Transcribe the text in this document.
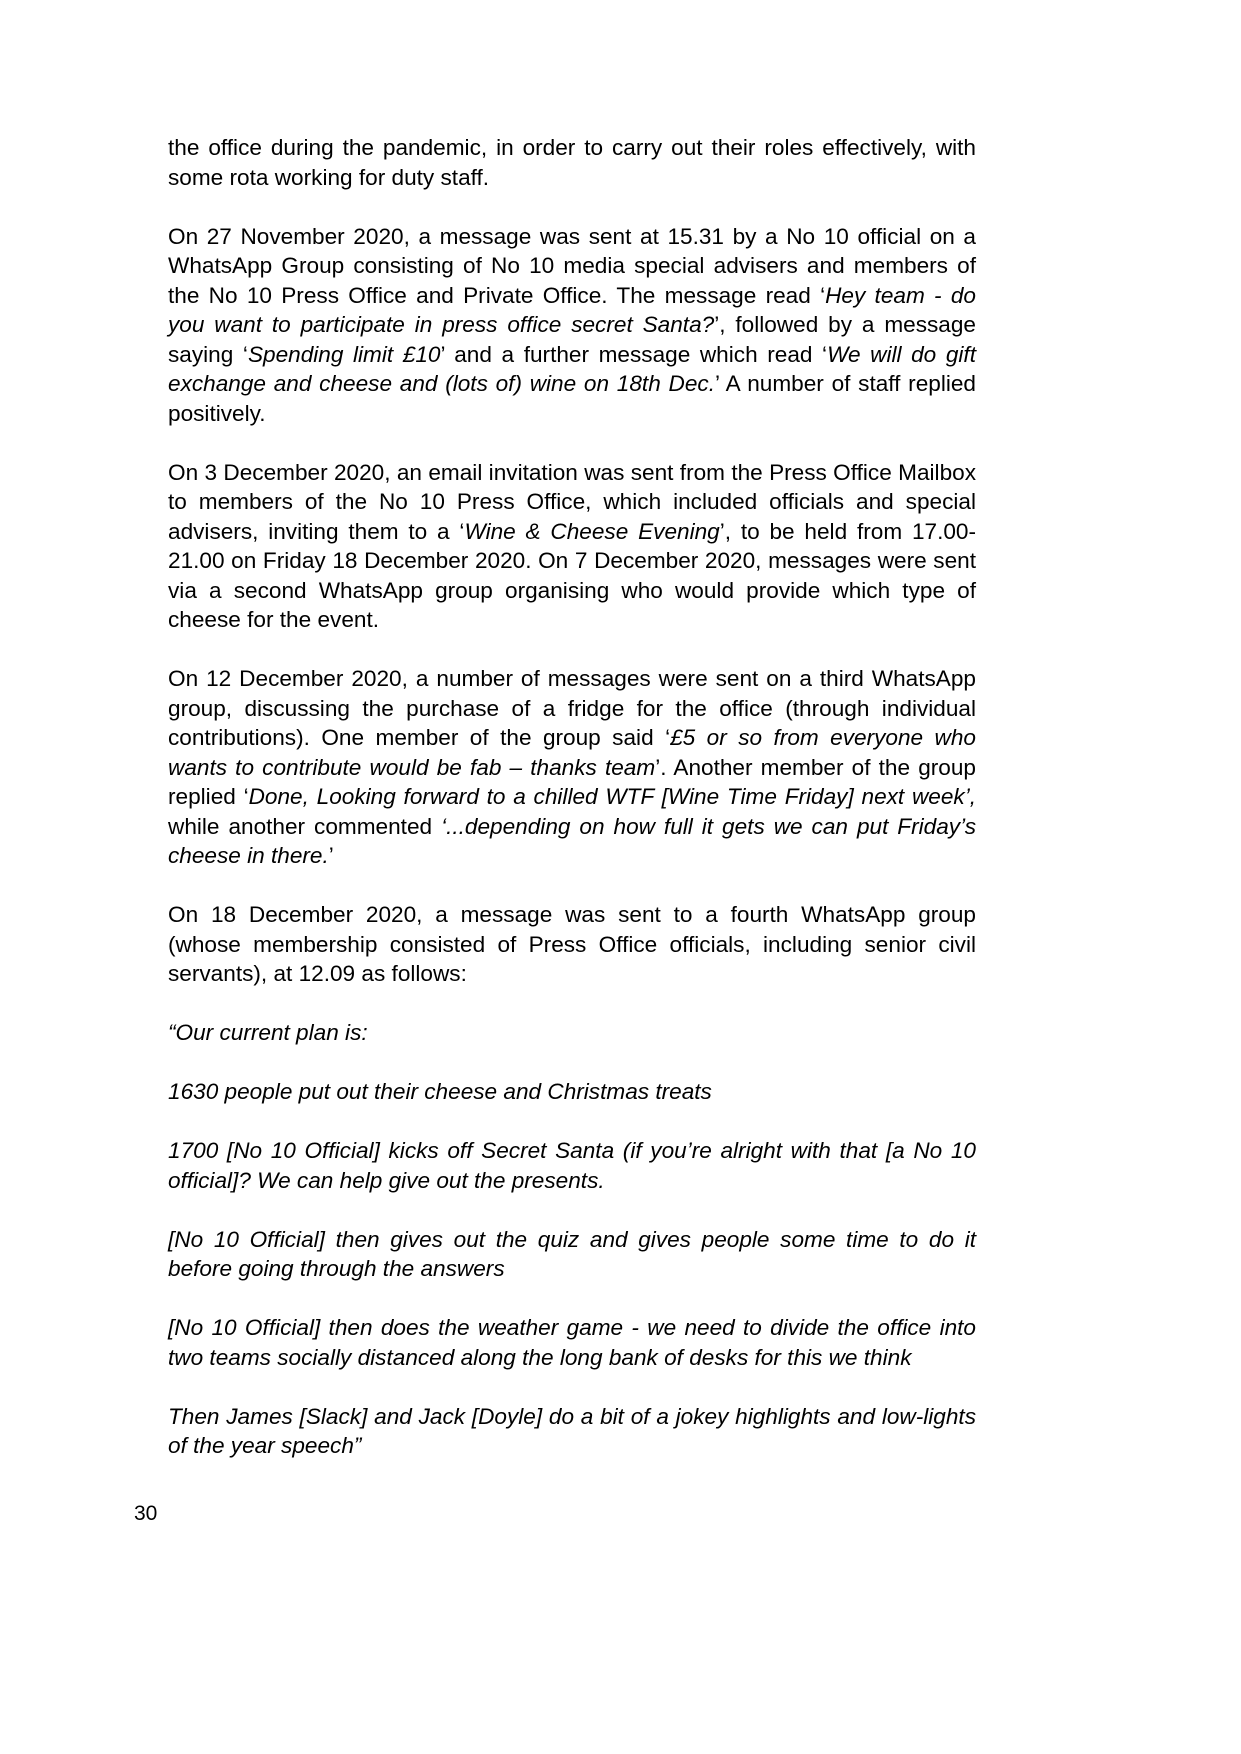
the office during the pandemic, in order to carry out their roles effectively, with some rota working for duty staff.

On 27 November 2020, a message was sent at 15.31 by a No 10 official on a WhatsApp Group consisting of No 10 media special advisers and members of the No 10 Press Office and Private Office. The message read ‘Hey team - do you want to participate in press office secret Santa?’, followed by a message saying ‘Spending limit £10’ and a further message which read ‘We will do gift exchange and cheese and (lots of) wine on 18th Dec.’ A number of staff replied positively.

On 3 December 2020, an email invitation was sent from the Press Office Mailbox to members of the No 10 Press Office, which included officials and special advisers, inviting them to a ‘Wine & Cheese Evening’, to be held from 17.00-21.00 on Friday 18 December 2020. On 7 December 2020, messages were sent via a second WhatsApp group organising who would provide which type of cheese for the event.

On 12 December 2020, a number of messages were sent on a third WhatsApp group, discussing the purchase of a fridge for the office (through individual contributions). One member of the group said ‘£5 or so from everyone who wants to contribute would be fab – thanks team’. Another member of the group replied ‘Done, Looking forward to a chilled WTF [Wine Time Friday] next week’, while another commented ‘...depending on how full it gets we can put Friday’s cheese in there.’

On 18 December 2020, a message was sent to a fourth WhatsApp group (whose membership consisted of Press Office officials, including senior civil servants), at 12.09 as follows:

“Our current plan is:

1630 people put out their cheese and Christmas treats

1700 [No 10 Official] kicks off Secret Santa (if you’re alright with that [a No 10 official]? We can help give out the presents.

[No 10 Official] then gives out the quiz and gives people some time to do it before going through the answers

[No 10 Official] then does the weather game - we need to divide the office into two teams socially distanced along the long bank of desks for this we think

Then James [Slack] and Jack [Doyle] do a bit of a jokey highlights and low-lights of the year speech”

30
